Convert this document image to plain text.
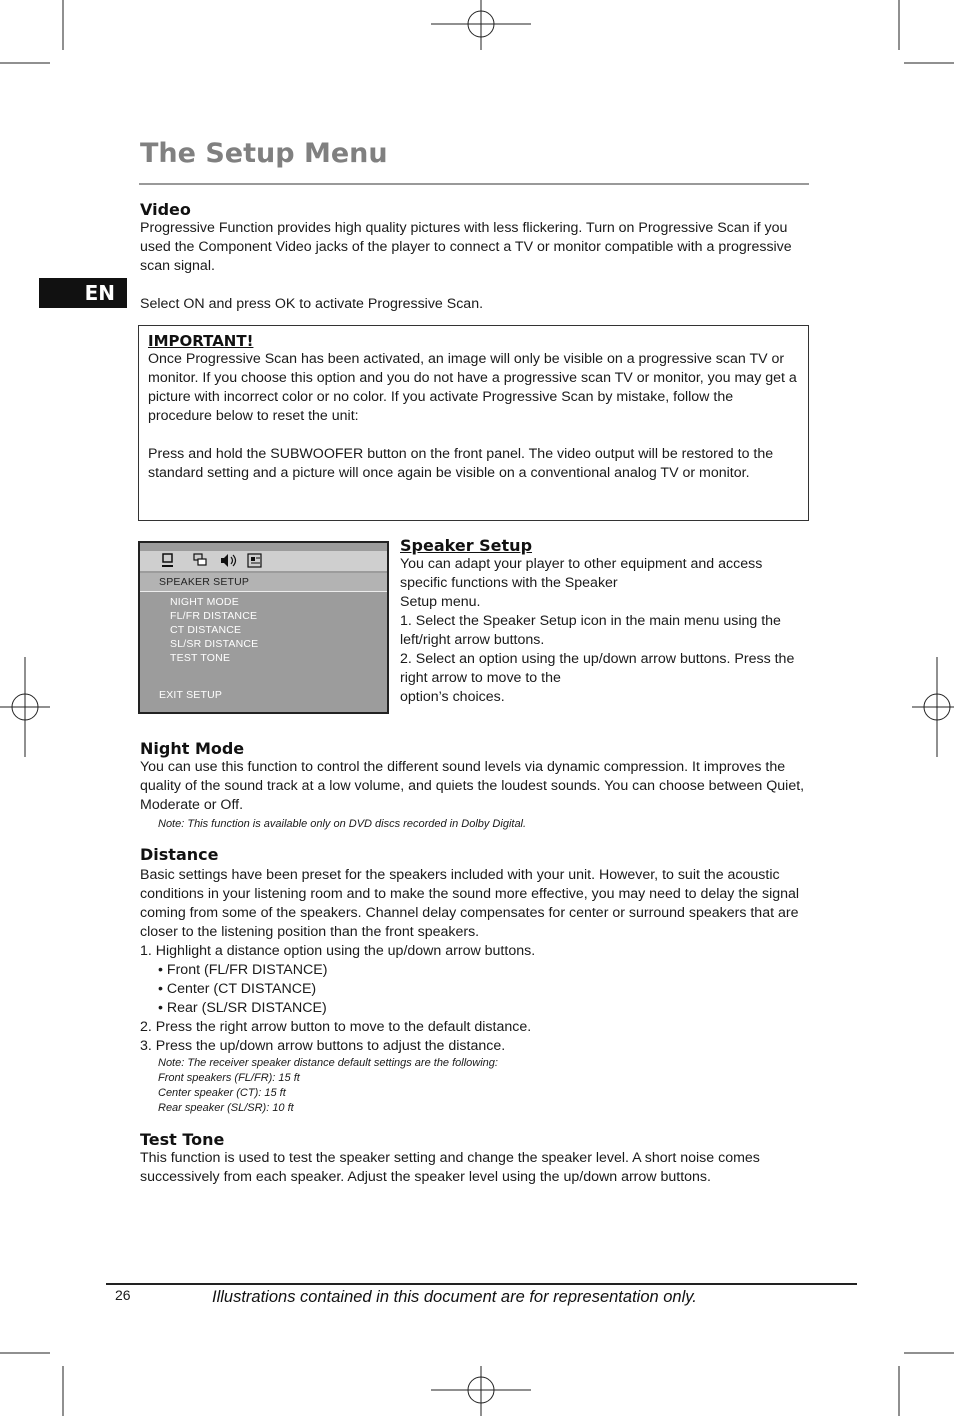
The Setup Menu
EN
Video
Progressive Function provides high quality pictures with less flickering. Turn on Progressive Scan if you used the Component Video jacks of the player to connect a TV or monitor compatible with a progressive scan signal.
Select ON and press OK to activate Progressive Scan.
IMPORTANT!
Once Progressive Scan has been activated, an image will only be visible on a progressive scan TV or monitor. If you choose this option and you do not have a progressive scan TV or monitor, you may get a picture with incorrect color or no color. If you activate Progressive Scan by mistake, follow the procedure below to reset the unit:
Press and hold the SUBWOOFER button on the front panel. The video output will be restored to the standard setting and a picture will once again be visible on a conventional analog TV or monitor.
SPEAKER SETUP
NIGHT MODE
FL/FR DISTANCE
CT DISTANCE
SL/SR DISTANCE
TEST TONE
EXIT SETUP
Speaker Setup
You can adapt your player to other equipment and access specific functions with the Speaker
Setup menu.
1. Select the Speaker Setup icon in the main menu using the left/right arrow buttons.
2. Select an option using the up/down arrow buttons. Press the right arrow to move to the
option’s choices.
Night Mode
You can use this function to control the different sound levels via dynamic compression. It improves the quality of the sound track at a low volume, and quiets the loudest sounds. You can choose between Quiet, Moderate or Off.
Note: This function is available only on DVD discs recorded in Dolby Digital.
Distance
Basic settings have been preset for the speakers included with your unit. However, to suit the acoustic conditions in your listening room and to make the sound more effective, you may need to delay the signal coming from some of the speakers. Channel delay compensates for center or surround speakers that are closer to the listening position than the front speakers.
1. Highlight a distance option using the up/down arrow buttons.
• Front (FL/FR DISTANCE)
• Center (CT DISTANCE)
• Rear (SL/SR DISTANCE)
2. Press the right arrow button to move to the default distance.
3. Press the up/down arrow buttons to adjust the distance.
Note: The receiver speaker distance default settings are the following:
Front speakers (FL/FR): 15 ft
Center speaker (CT): 15 ft
Rear speaker (SL/SR): 10 ft
Test Tone
This function is used to test the speaker setting and change the speaker level. A short noise comes successively from each speaker. Adjust the speaker level using the up/down arrow buttons.
26	Illustrations contained in this document are for representation only.
